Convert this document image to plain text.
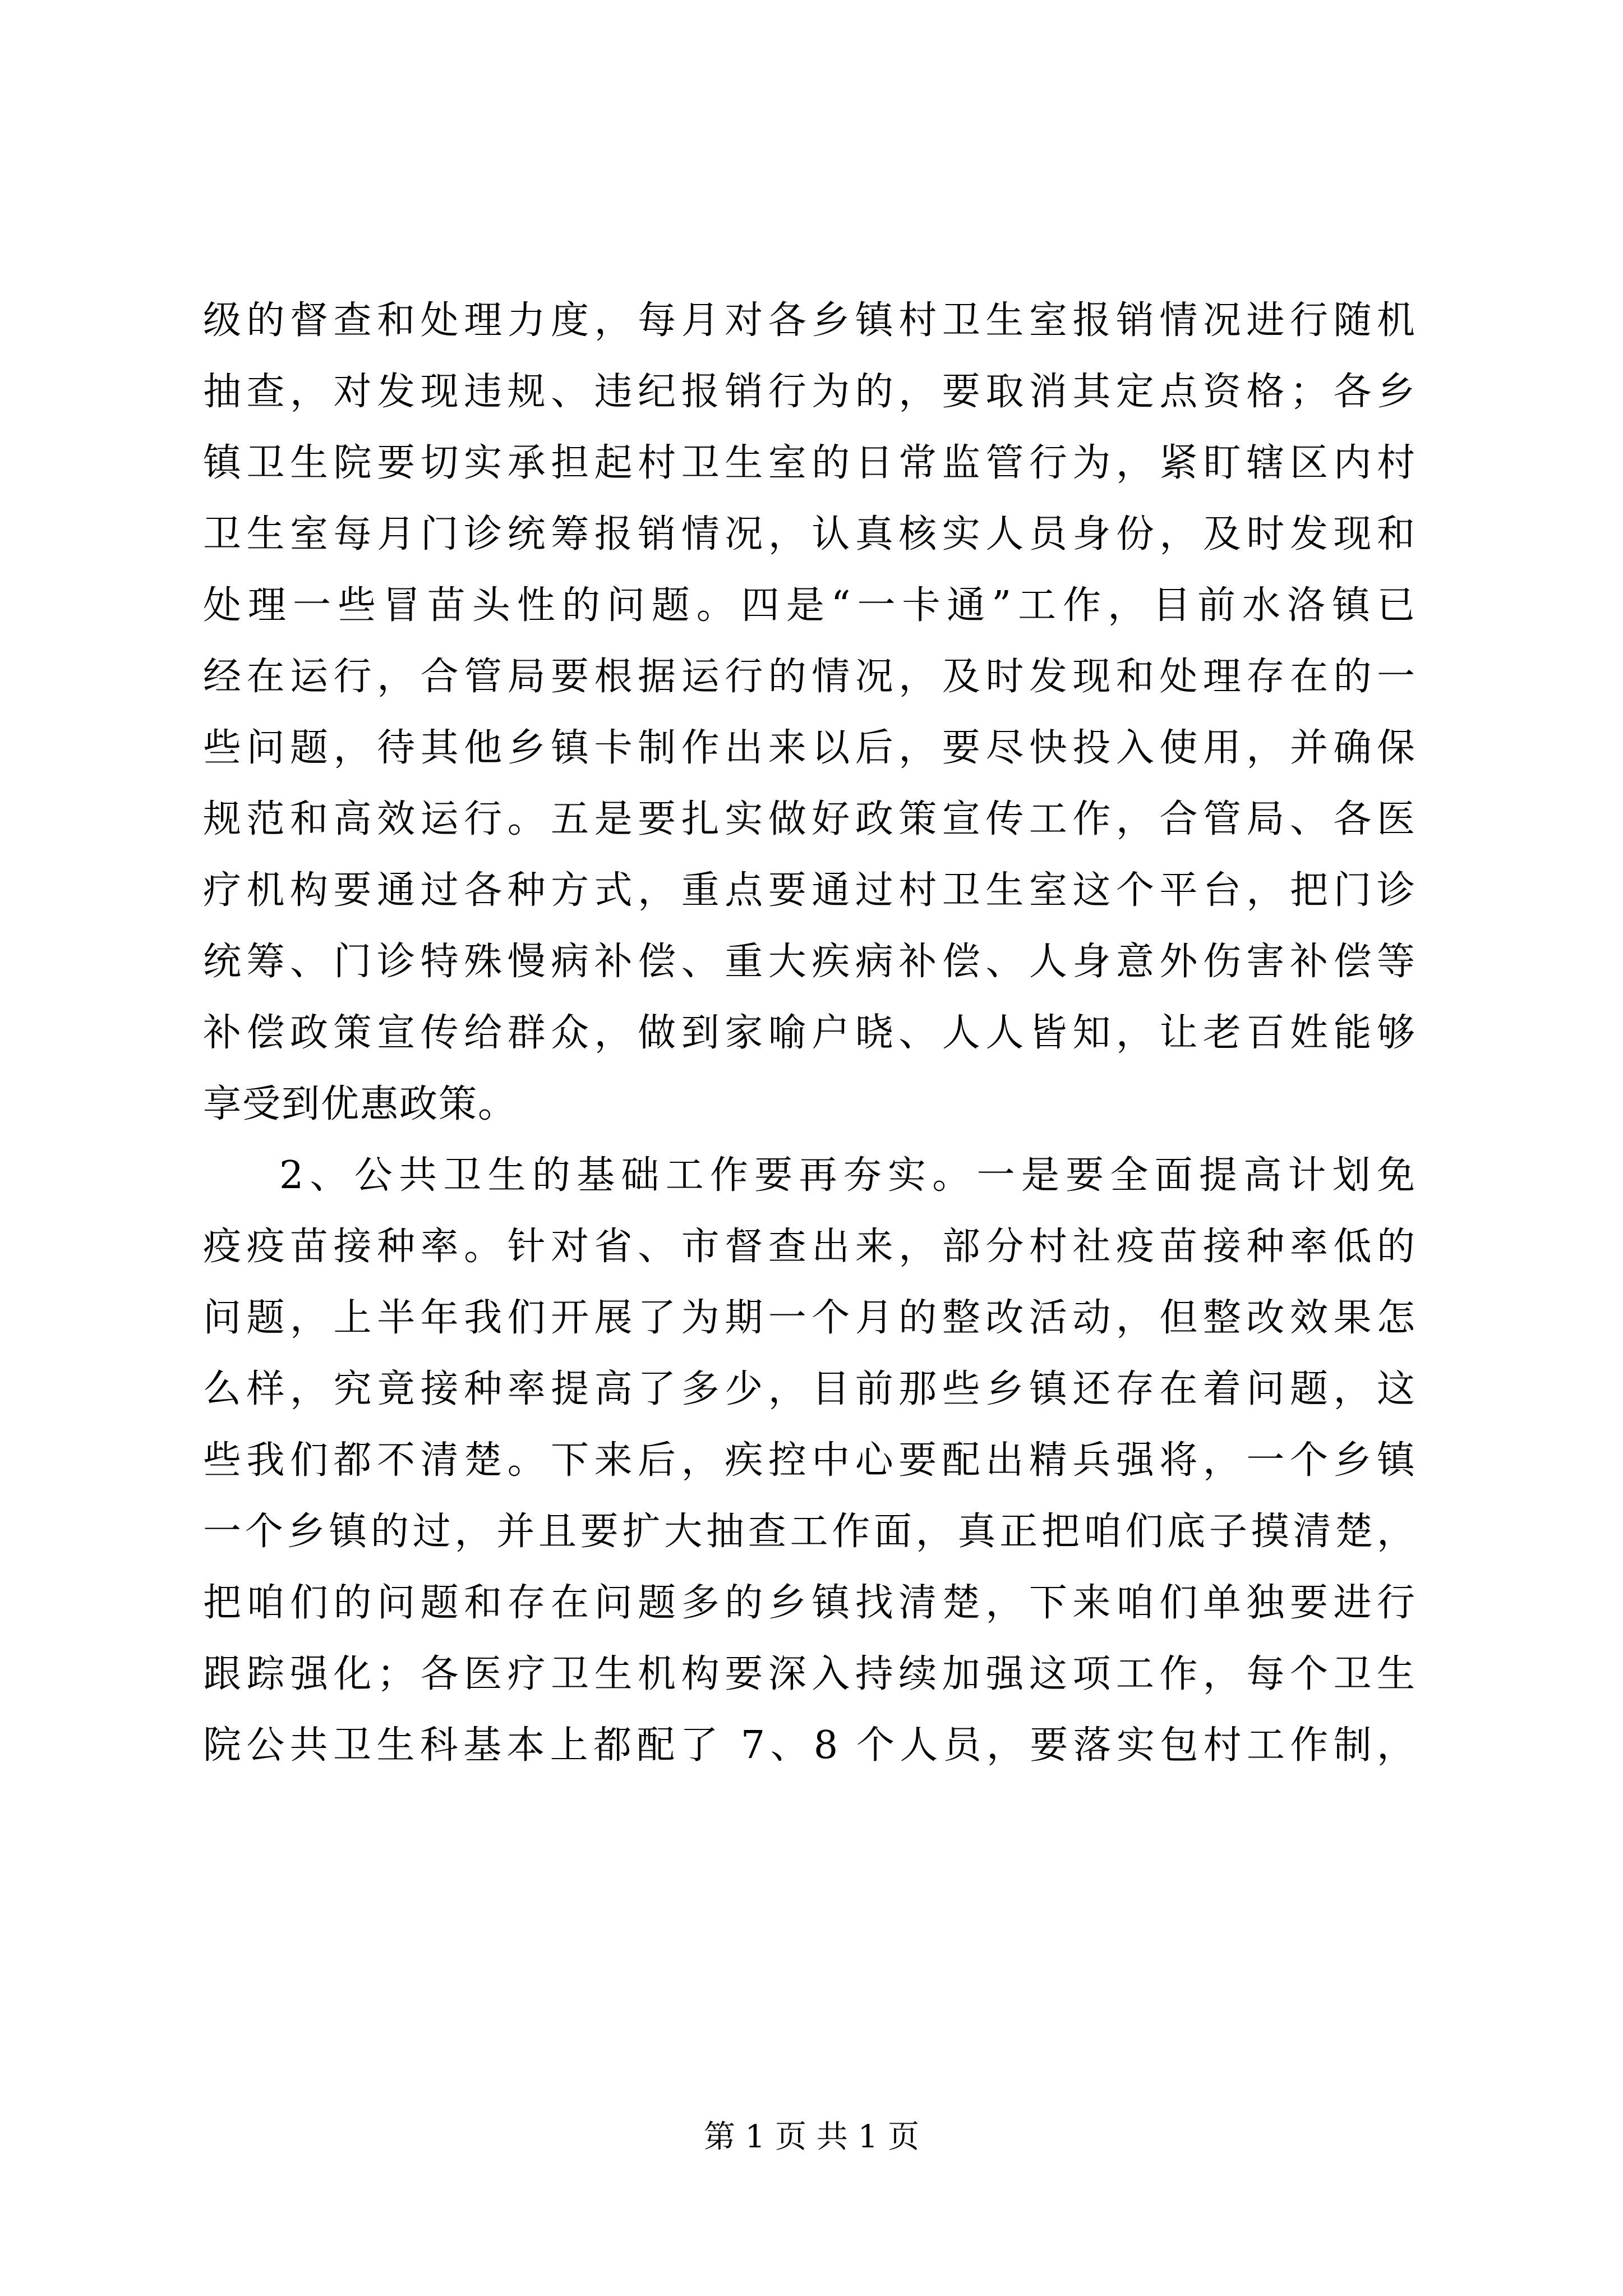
级的督查和处理力度，每月对各乡镇村卫生室报销情况进行随机
抽查，对发现违规、违纪报销行为的，要取消其定点资格；各乡
镇卫生院要切实承担起村卫生室的日常监管行为，紧盯辖区内村
卫生室每月门诊统筹报销情况，认真核实人员身份，及时发现和
处理一些冒苗头性的问题。四是“一卡通”工作，目前水洛镇已
经在运行，合管局要根据运行的情况，及时发现和处理存在的一
些问题，待其他乡镇卡制作出来以后，要尽快投入使用，并确保
规范和高效运行。五是要扎实做好政策宣传工作，合管局、各医
疗机构要通过各种方式，重点要通过村卫生室这个平台，把门诊
统筹、门诊特殊慢病补偿、重大疾病补偿、人身意外伤害补偿等
补偿政策宣传给群众，做到家喻户晓、人人皆知，让老百姓能够
享受到优惠政策。
2、公共卫生的基础工作要再夯实。一是要全面提高计划免
疫疫苗接种率。针对省、市督查出来，部分村社疫苗接种率低的
问题，上半年我们开展了为期一个月的整改活动，但整改效果怎
么样，究竟接种率提高了多少，目前那些乡镇还存在着问题，这
些我们都不清楚。下来后，疾控中心要配出精兵强将，一个乡镇
一个乡镇的过，并且要扩大抽查工作面，真正把咱们底子摸清楚，
把咱们的问题和存在问题多的乡镇找清楚，下来咱们单独要进行
跟踪强化；各医疗卫生机构要深入持续加强这项工作，每个卫生
院公共卫生科基本上都配了 7、8 个人员，要落实包村工作制，
第 1 页 共 1 页
